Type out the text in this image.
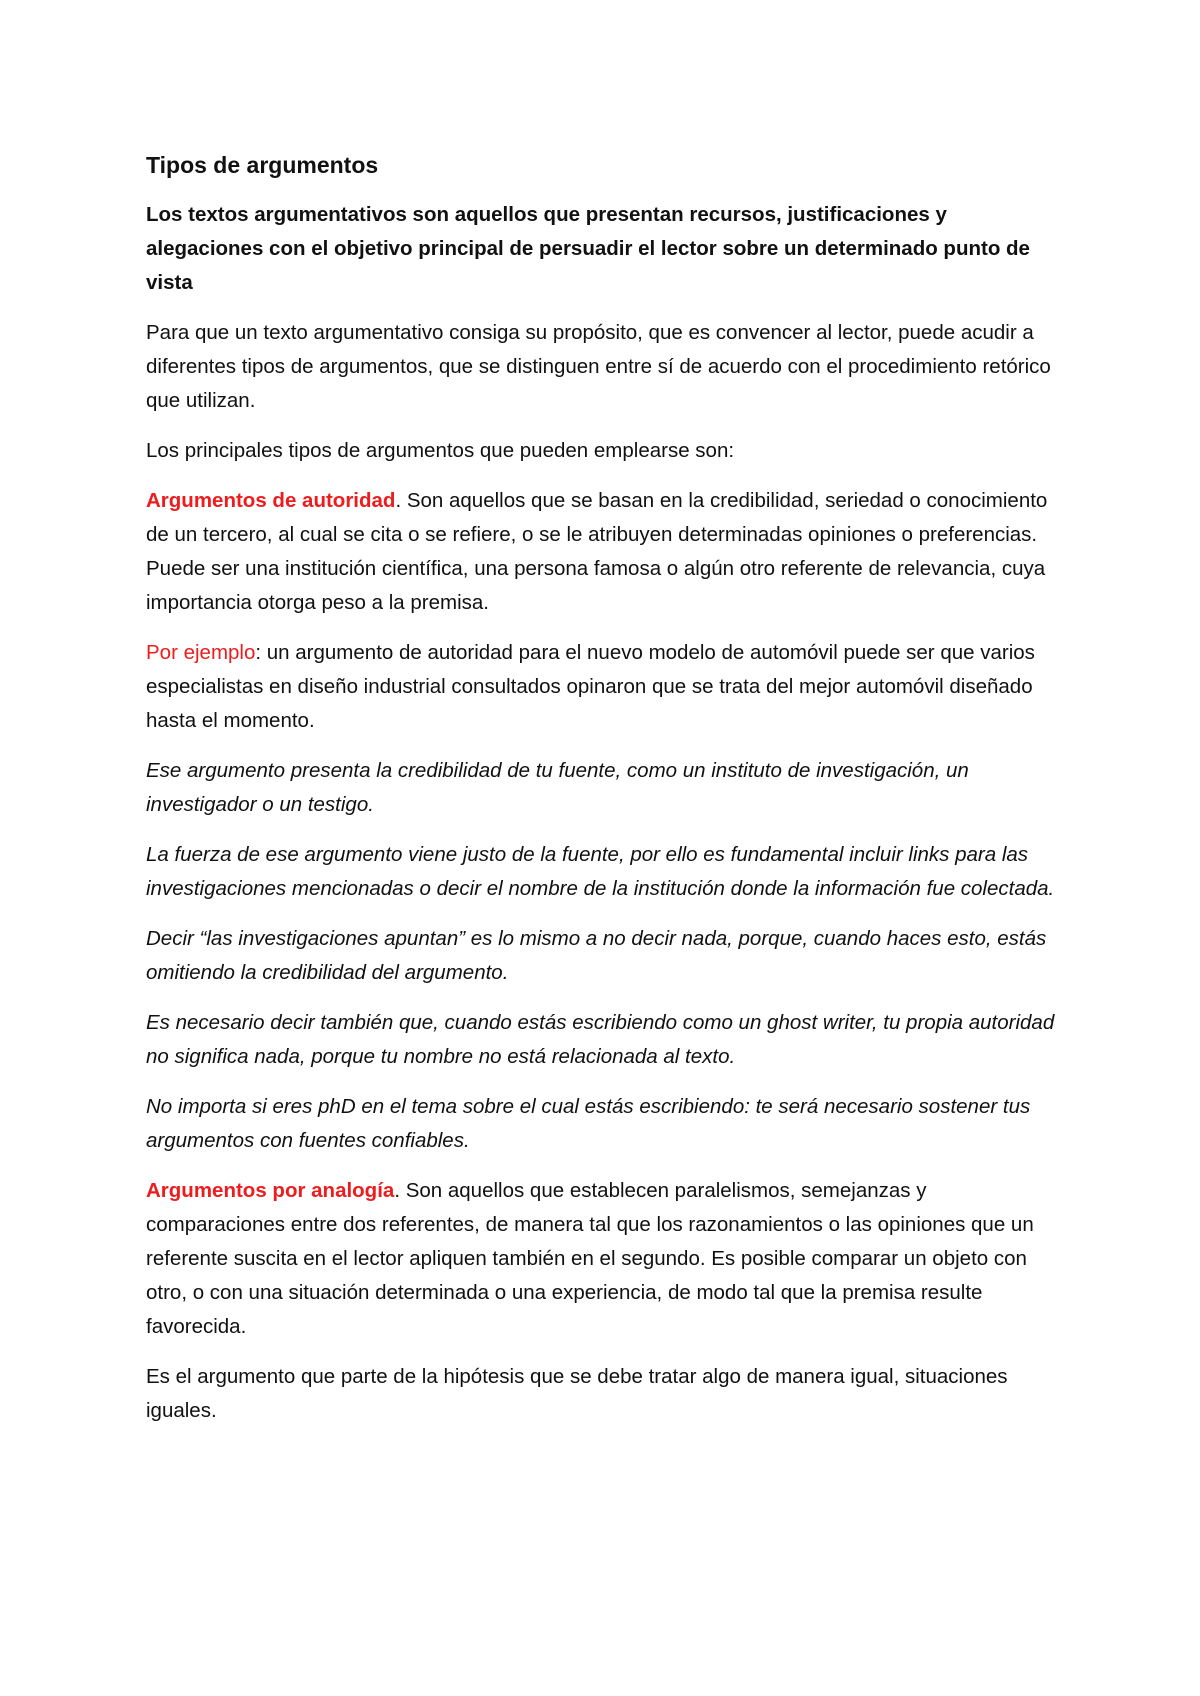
Tipos de argumentos

Los textos argumentativos son aquellos que presentan recursos, justificaciones y alegaciones con el objetivo principal de persuadir el lector sobre un determinado punto de vista

Para que un texto argumentativo consiga su propósito, que es convencer al lector, puede acudir a diferentes tipos de argumentos, que se distinguen entre sí de acuerdo con el procedimiento retórico que utilizan.

Los principales tipos de argumentos que pueden emplearse son:

Argumentos de autoridad. Son aquellos que se basan en la credibilidad, seriedad o conocimiento de un tercero, al cual se cita o se refiere, o se le atribuyen determinadas opiniones o preferencias. Puede ser una institución científica, una persona famosa o algún otro referente de relevancia, cuya importancia otorga peso a la premisa.

Por ejemplo: un argumento de autoridad para el nuevo modelo de automóvil puede ser que varios especialistas en diseño industrial consultados opinaron que se trata del mejor automóvil diseñado hasta el momento.

Ese argumento presenta la credibilidad de tu fuente, como un instituto de investigación, un investigador o un testigo.

La fuerza de ese argumento viene justo de la fuente, por ello es fundamental incluir links para las investigaciones mencionadas o decir el nombre de la institución donde la información fue colectada.

Decir “las investigaciones apuntan” es lo mismo a no decir nada, porque, cuando haces esto, estás omitiendo la credibilidad del argumento.

Es necesario decir también que, cuando estás escribiendo como un ghost writer, tu propia autoridad no significa nada, porque tu nombre no está relacionada al texto.

No importa si eres phD en el tema sobre el cual estás escribiendo: te será necesario sostener tus argumentos con fuentes confiables.

Argumentos por analogía. Son aquellos que establecen paralelismos, semejanzas y comparaciones entre dos referentes, de manera tal que los razonamientos o las opiniones que un referente suscita en el lector apliquen también en el segundo. Es posible comparar un objeto con otro, o con una situación determinada o una experiencia, de modo tal que la premisa resulte favorecida.

Es el argumento que parte de la hipótesis que se debe tratar algo de manera igual, situaciones iguales.
